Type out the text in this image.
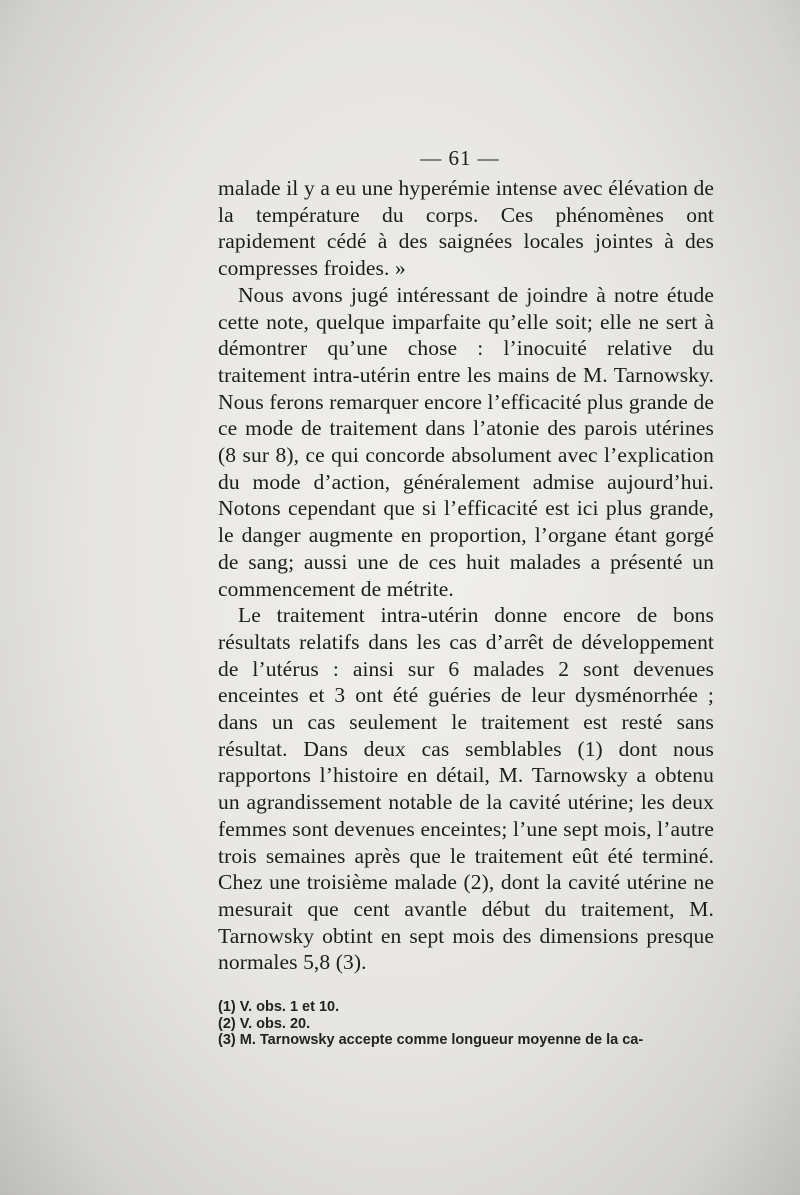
— 61 —

malade il y a eu une hyperémie intense avec élévation de la température du corps. Ces phénomènes ont rapidement cédé à des saignées locales jointes à des compresses froides. »

Nous avons jugé intéressant de joindre à notre étude cette note, quelque imparfaite qu’elle soit; elle ne sert à démontrer qu’une chose : l’inocuité relative du traitement intra-utérin entre les mains de M. Tarnowsky. Nous ferons remarquer encore l’efficacité plus grande de ce mode de traitement dans l’atonie des parois utérines (8 sur 8), ce qui concorde absolument avec l’explication du mode d’action, généralement admise aujourd’hui. Notons cependant que si l’efficacité est ici plus grande, le danger augmente en proportion, l’organe étant gorgé de sang; aussi une de ces huit malades a présenté un commencement de métrite.

Le traitement intra-utérin donne encore de bons résultats relatifs dans les cas d’arrêt de développement de l’utérus : ainsi sur 6 malades 2 sont devenues enceintes et 3 ont été guéries de leur dysménorrhée ; dans un cas seulement le traitement est resté sans résultat. Dans deux cas semblables (1) dont nous rapportons l’histoire en détail, M. Tarnowsky a obtenu un agrandissement notable de la cavité utérine; les deux femmes sont devenues enceintes; l’une sept mois, l’autre trois semaines après que le traitement eût été terminé. Chez une troisième malade (2), dont la cavité utérine ne mesurait que cent avantle début du traitement, M. Tarnowsky obtint en sept mois des dimensions presque normales 5,8 (3).

(1) V. obs. 1 et 10.

(2) V. obs. 20.

(3) M. Tarnowsky accepte comme longueur moyenne de la ca-
